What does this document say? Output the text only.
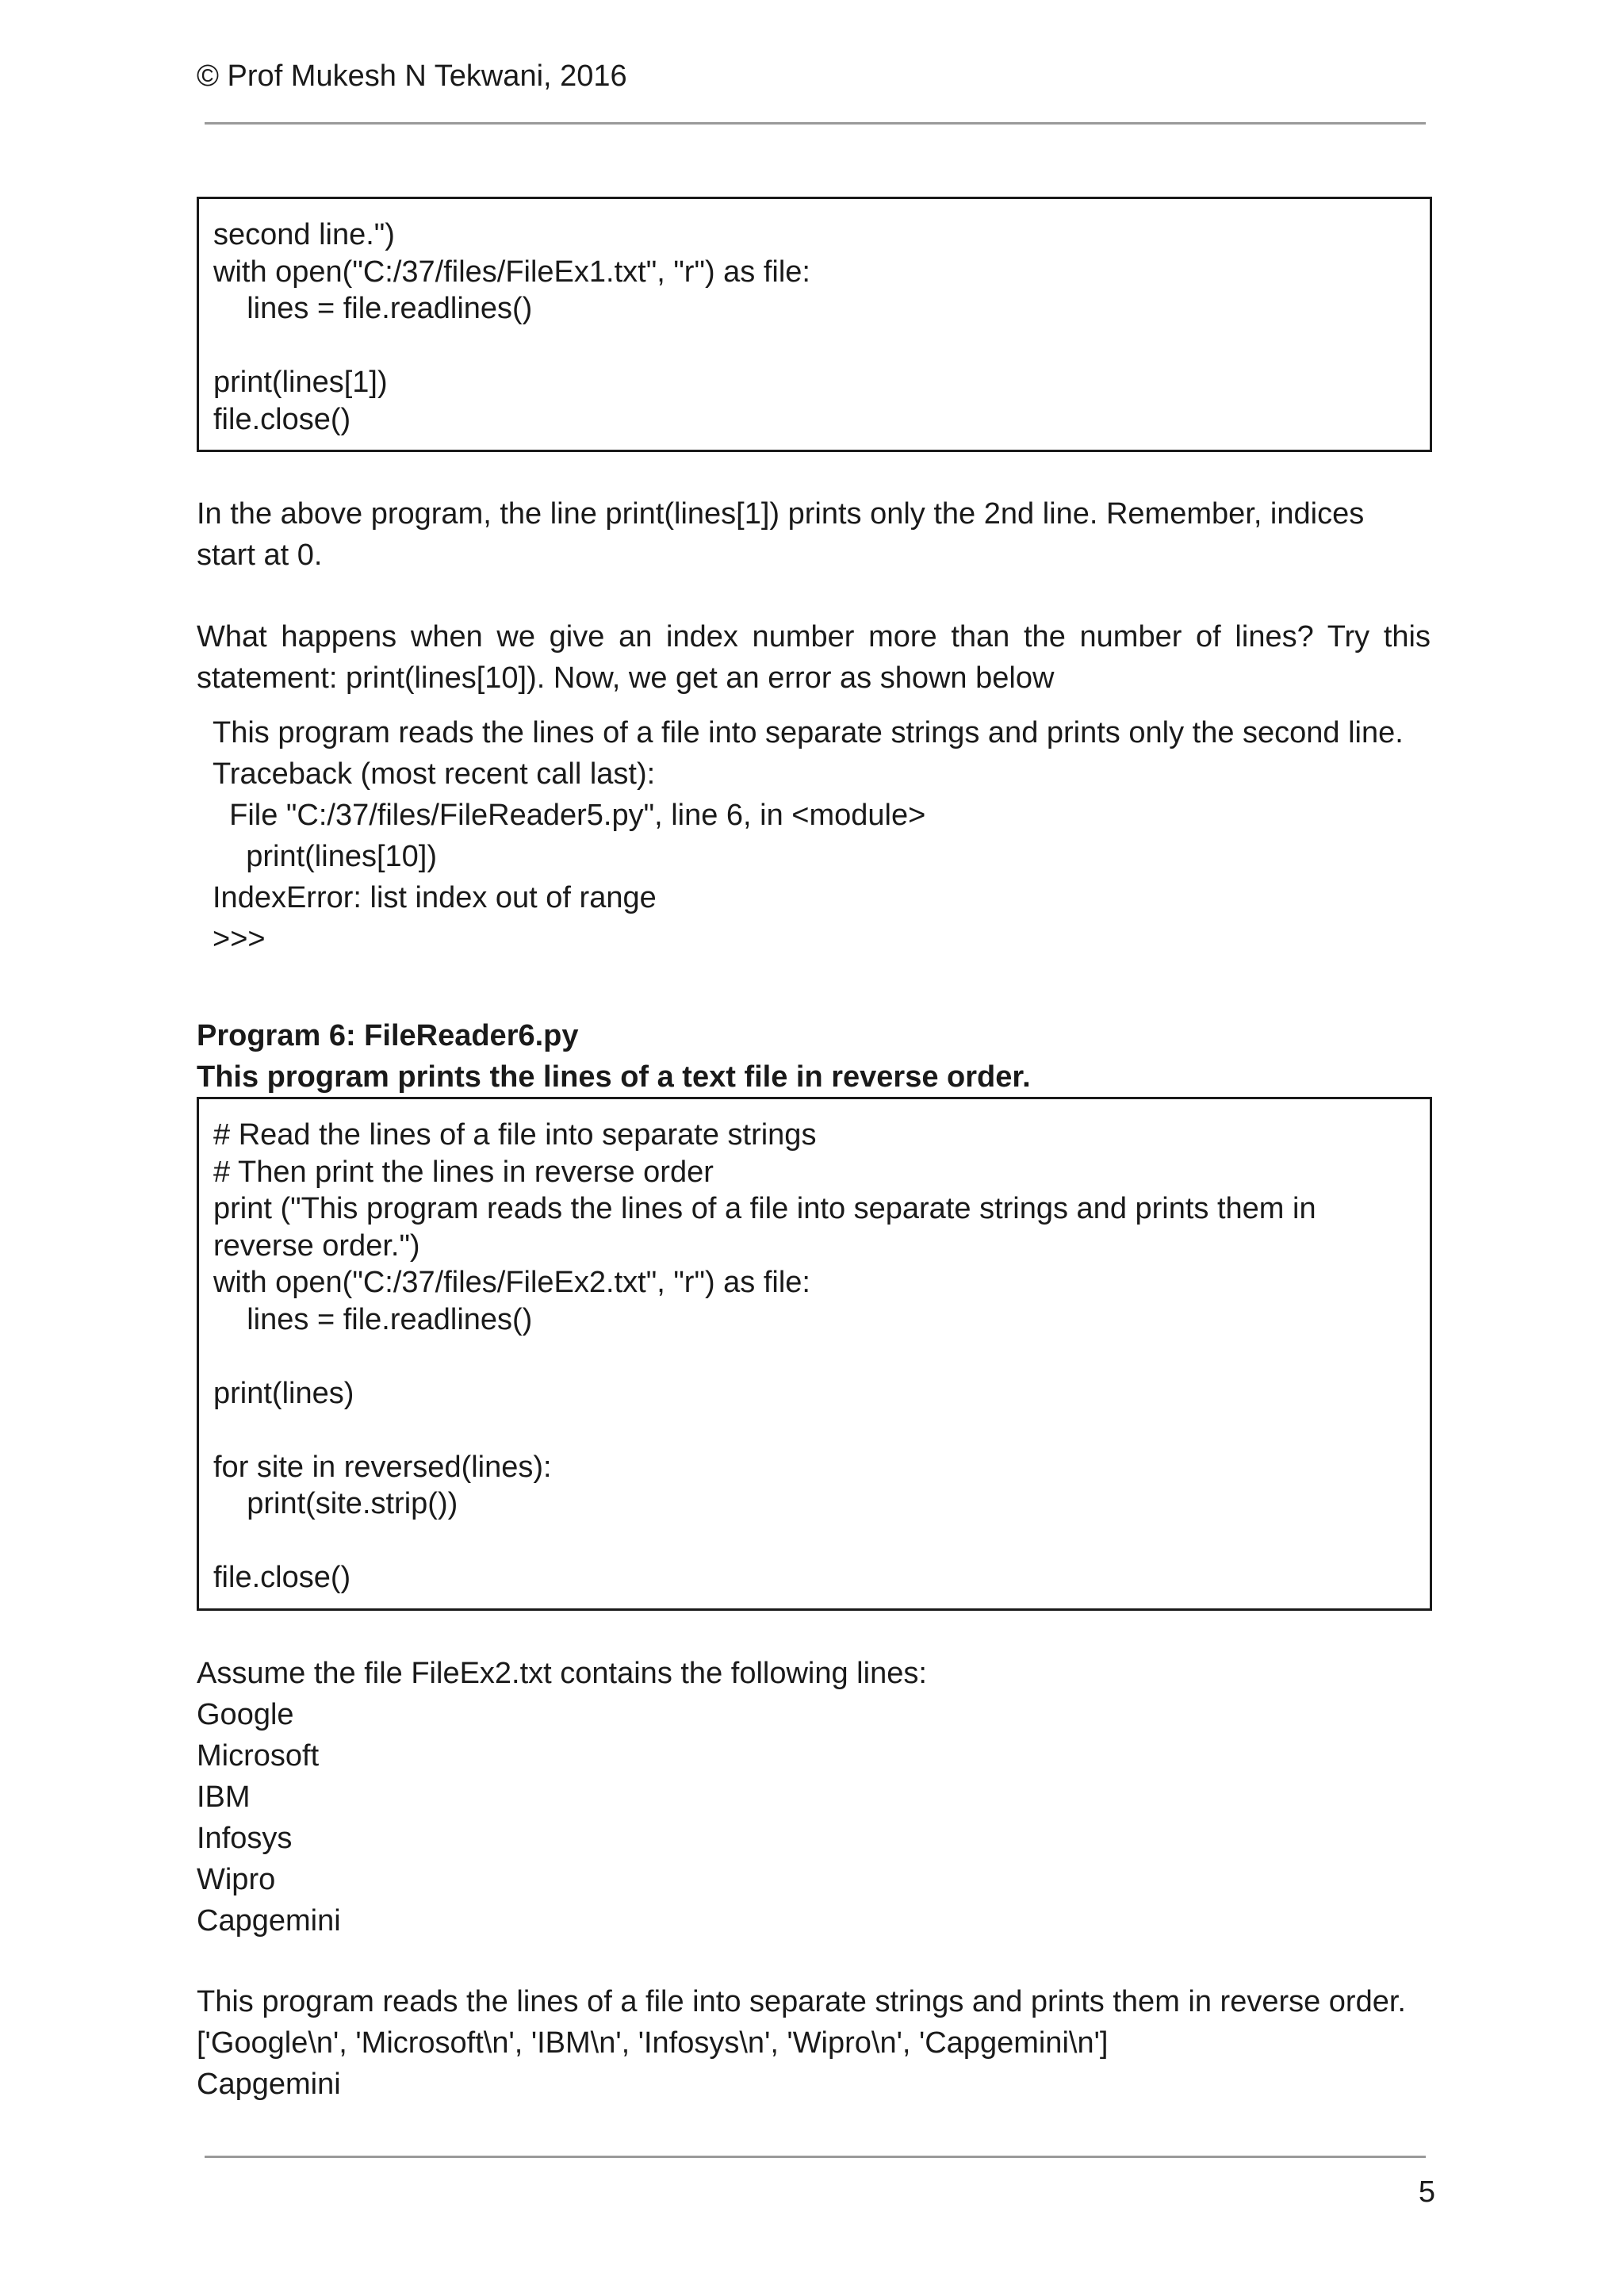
© Prof Mukesh N Tekwani, 2016
second line.")
with open("C:/37/files/FileEx1.txt", "r") as file:
lines = file.readlines()
print(lines[1])
file.close()
In the above program, the line print(lines[1]) prints only the 2nd line. Remember, indices start at 0.
What happens when we give an index number more than the number of lines? Try this statement: print(lines[10]). Now, we get an error as shown below
This program reads the lines of a file into separate strings and prints only the second line.
Traceback (most recent call last):
File "C:/37/files/FileReader5.py", line 6, in <module>
print(lines[10])
IndexError: list index out of range
>>>
Program 6: FileReader6.py
This program prints the lines of a text file in reverse order.
# Read the lines of a file into separate strings
# Then print the lines in reverse order
print ("This program reads the lines of a file into separate strings and prints them in
reverse order.")
with open("C:/37/files/FileEx2.txt", "r") as file:
lines = file.readlines()
print(lines)
for site in reversed(lines):
print(site.strip())
file.close()
Assume the file FileEx2.txt contains the following lines:
Google
Microsoft
IBM
Infosys
Wipro
Capgemini
This program reads the lines of a file into separate strings and prints them in reverse order.
['Google\n', 'Microsoft\n', 'IBM\n', 'Infosys\n', 'Wipro\n', 'Capgemini\n']
Capgemini
5
